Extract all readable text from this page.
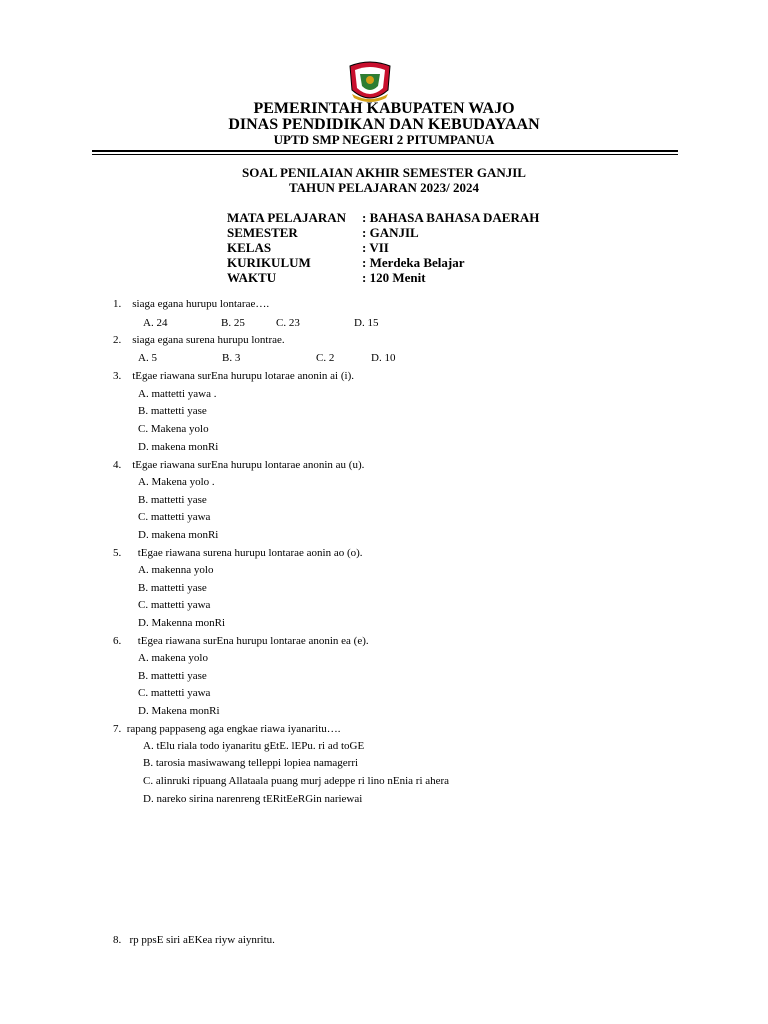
PEMERINTAH KABUPATEN WAJO
DINAS PENDIDIKAN DAN KEBUDAYAAN
UPTD SMP NEGERI 2 PITUMPANUA
SOAL PENILAIAN AKHIR SEMESTER GANJIL
TAHUN PELAJARAN 2023/ 2024
MATA PELAJARAN : BAHASA BAHASA DAERAH
SEMESTER	: GANJIL
KELAS	: VII
KURIKULUM	: Merdeka Belajar
WAKTU	: 120 Menit
1. siaga egana hurupu lontarae….
A. 24	B. 25	C. 23	D. 15
2. siaga egana surena hurupu lontrae.
A. 5	B. 3	C. 2	D. 10
3. tEgae riawana surEna hurupu lotarae anonin ai (i).
A. mattetti yawa .
B. mattetti yase
C. Makena yolo
D. makena monRi
4. tEgae riawana surEna hurupu lontarae anonin au (u).
A. Makena yolo .
B. mattetti yase
C. mattetti yawa
D. makena monRi
5. tEgae riawana surena hurupu lontarae aonin ao (o).
A. makenna yolo
B. mattetti yase
C. mattetti yawa
D. Makenna monRi
6. tEgea riawana surEna hurupu lontarae anonin ea (e).
A. makena yolo
B. mattetti yase
C. mattetti yawa
D. Makena monRi
7. rapang pappaseng aga engkae riawa iyanaritu….
A. tElu riala todo iyanaritu gEtE. lEPu. ri ad toGE
B. tarosia masiwawang telleppi lopiea namagerri
C. alinruki ripuang Allataala puang murj adeppe ri lino nEnia ri ahera
D. nareko sirina narenreng tERitEeRGin nariewai
8. rp ppsE siri aEKea riyw aiynritu.
